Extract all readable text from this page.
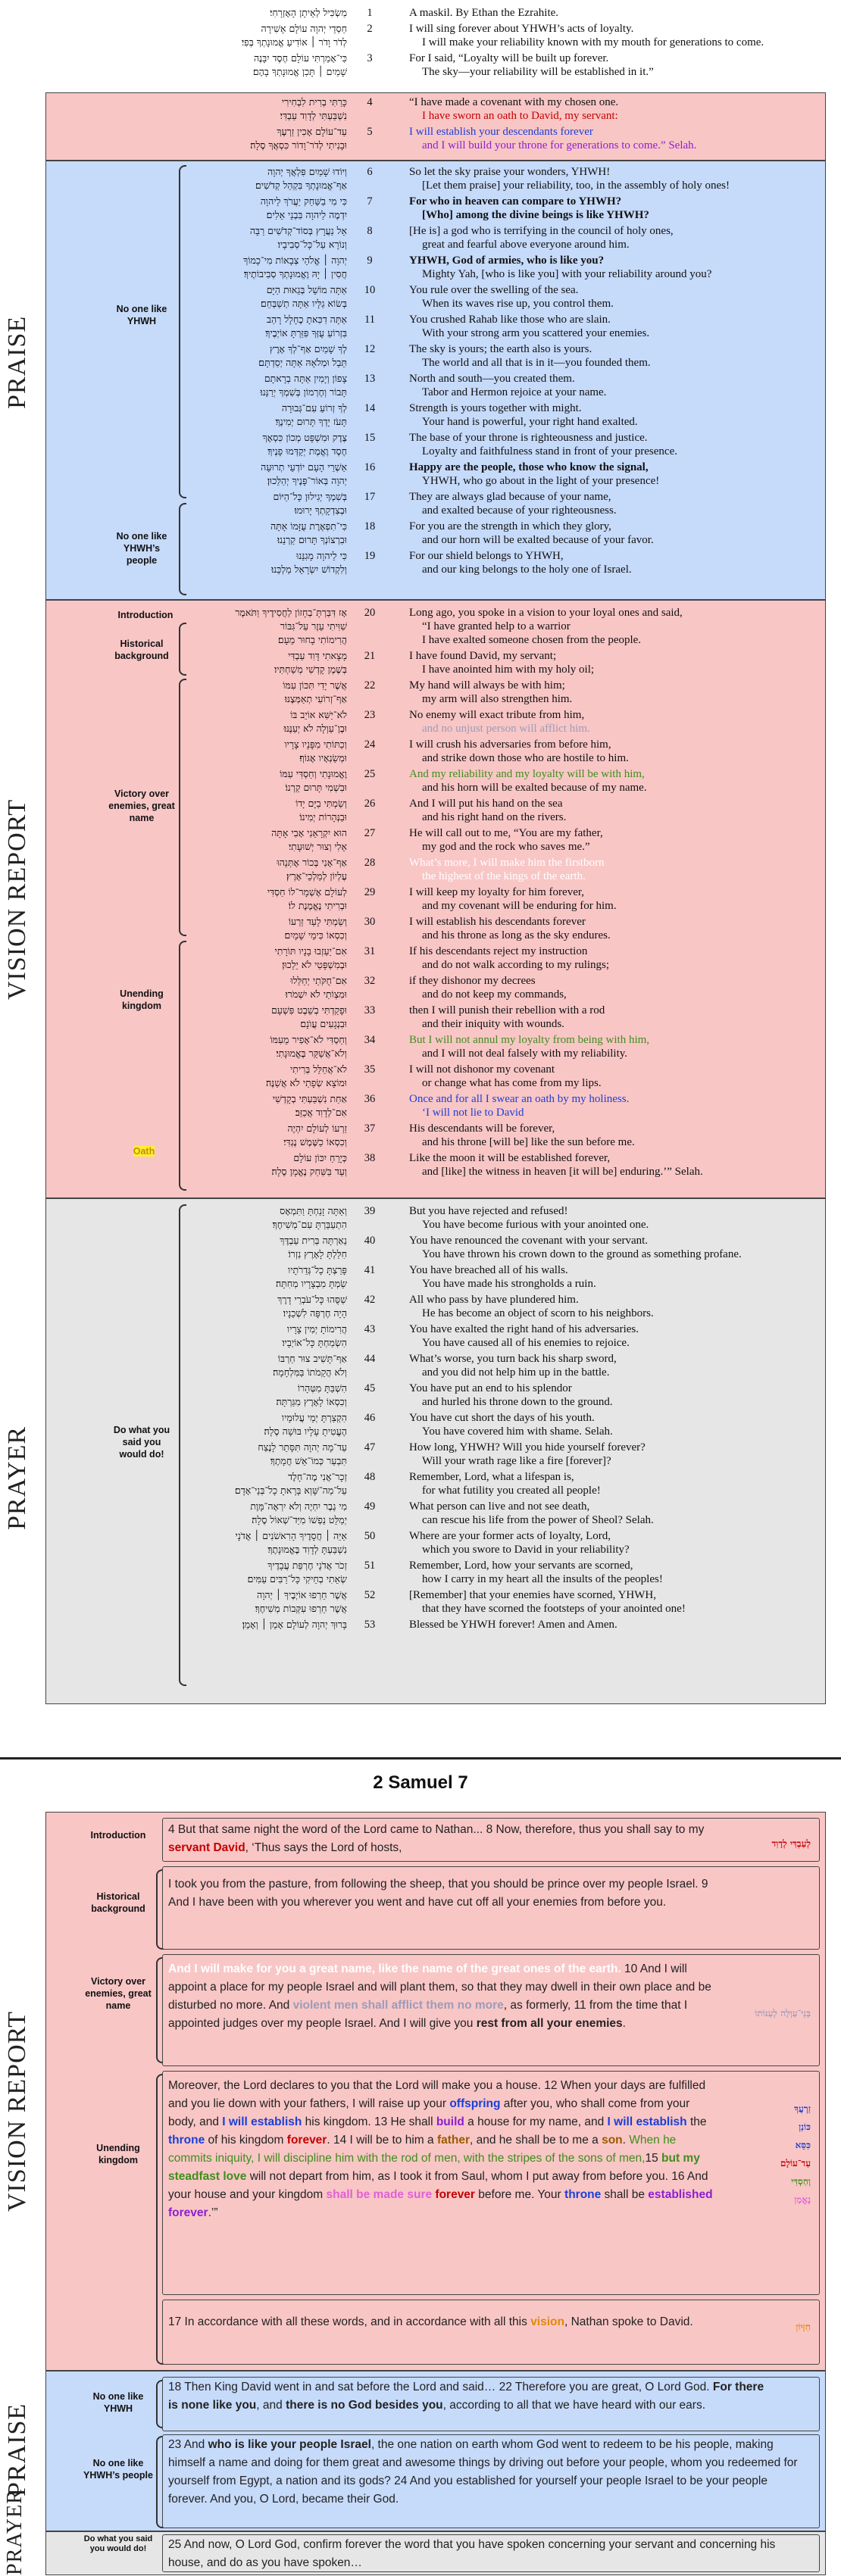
מַשְׂכִּיל לְאֵיתָן הָאֶזְרָחִי׃	1	A maskil. By Ethan the Ezrahite.
חַסְדֵי יְהוָה עוֹלָם אָשִׁירָה	2	I will sing forever about YHWH’s acts of loyalty.
לְדֹר וָדֹר ׀ אוֹדִיעַ אֱמוּנָתְךָ בְּפִי׃	I will make your reliability known with my mouth for generations to come.
כִּי־אָמַרְתִּי עוֹלָם חֶסֶד יִבָּנֶה	3	For I said, “Loyalty will be built up forever.
שָׁמַיִם ׀ תָּכִן אֱמוּנָתְךָ בָהֶם׃	The sky—your reliability will be established in it.”
כָּרַתִּי בְרִית לִבְחִירִי	4	“I have made a covenant with my chosen one.
נִשְׁבַּעְתִּי לְדָוִד עַבְדִּי׃	I have sworn an oath to David, my servant:
עַד־עוֹלָם אָכִין זַרְעֶךָ	5	I will establish your descendants forever
וּבָנִיתִי לְדֹר־וָדוֹר כִּסְאֲךָ סֶלָה׃	and I will build your throne for generations to come.” Selah.
PRAISE
No one like YHWH
No one like YHWH’s people
וְיוֹדוּ שָׁמַיִם פִּלְאֲךָ יְהוָה	6	So let the sky praise your wonders, YHWH!
אַף־אֱמוּנָתְךָ בִּקְהַל קְדֹשִׁים׃	[Let them praise] your reliability, too, in the assembly of holy ones!
כִּי מִי בַשַּׁחַק יַעֲרֹךְ לַיהוָה	7	For who in heaven can compare to YHWH?
יִדְמֶה לַיהוָה בִּבְנֵי אֵלִים׃	[Who] among the divine beings is like YHWH?
אֵל נַעֲרָץ בְּסוֹד־קְדֹשִׁים רַבָּה	8	[He is] a god who is terrifying in the council of holy ones,
וְנוֹרָא עַל־כָּל־סְבִיבָיו׃	great and fearful above everyone around him.
יְהוָה ׀ אֱלֹהֵי צְבָאוֹת מִי־כָמוֹךָ	9	YHWH, God of armies, who is like you?
חֲסִין ׀ יָהּ וֶאֱמוּנָתְךָ סְבִיבוֹתֶיךָ׃	Mighty Yah, [who is like you] with your reliability around you?
אַתָּה מוֹשֵׁל בְּגֵאוּת הַיָּם	10	You rule over the swelling of the sea.
בְּשׂוֹא גַלָּיו אַתָּה תְשַׁבְּחֵם׃	When its waves rise up, you control them.
אַתָּה דִכִּאתָ כֶחָלָל רָהַב	11	You crushed Rahab like those who are slain.
בִּזְרוֹעַ עֻזְּךָ פִּזַּרְתָּ אוֹיְבֶיךָ׃	With your strong arm you scattered your enemies.
לְךָ שָׁמַיִם אַף־לְךָ אָרֶץ	12	The sky is yours; the earth also is yours.
תֵּבֵל וּמְלֹאָהּ אַתָּה יְסַדְתָּם׃	The world and all that is in it—you founded them.
צָפוֹן וְיָמִין אַתָּה בְרָאתָם	13	North and south—you created them.
תָּבוֹר וְחֶרְמוֹן בְּשִׁמְךָ יְרַנֵּנוּ׃	Tabor and Hermon rejoice at your name.
לְךָ זְרוֹעַ עִם־גְּבוּרָה	14	Strength is yours together with might.
תָּעֹז יָדְךָ תָּרוּם יְמִינֶךָ׃	Your hand is powerful, your right hand exalted.
צֶדֶק וּמִשְׁפָּט מְכוֹן כִּסְאֶךָ	15	The base of your throne is righteousness and justice.
חֶסֶד וֶאֱמֶת יְקַדְּמוּ פָנֶיךָ׃	Loyalty and faithfulness stand in front of your presence.
אַשְׁרֵי הָעָם יוֹדְעֵי תְרוּעָה	16	Happy are the people, those who know the signal,
יְהוָה בְּאוֹר־פָּנֶיךָ יְהַלֵּכוּן׃	YHWH, who go about in the light of your presence!
בְּשִׁמְךָ יְגִילוּן כָּל־הַיּוֹם	17	They are always glad because of your name,
וּבְצִדְקָתְךָ יָרוּמוּ׃	and exalted because of your righteousness.
כִּי־תִפְאֶרֶת עֻזָּמוֹ אָתָּה	18	For you are the strength in which they glory,
וּבִרְצוֹנְךָ תָּרוּם קַרְנֵנוּ׃	and our horn will be exalted because of your favor.
כִּי לַיהוָה מָגִנֵּנוּ	19	For our shield belongs to YHWH,
וְלִקְדוֹשׁ יִשְׂרָאֵל מַלְכֵּנוּ׃	and our king belongs to the holy one of Israel.
VISION REPORT
Introduction
Historical background
Victory over enemies, great name
Unending kingdom
Oath
אָז דִּבַּרְתָּ־בְחָזוֹן לַחֲסִידֶיךָ וַתֹּאמֶר	20	Long ago, you spoke in a vision to your loyal ones and said,
שִׁוִּיתִי עֵזֶר עַל־גִּבּוֹר	“I have granted help to a warrior
הֲרִימוֹתִי בָחוּר מֵעָם׃	I have exalted someone chosen from the people.
מָצָאתִי דָּוִד עַבְדִּי	21	I have found David, my servant;
בְּשֶׁמֶן קָדְשִׁי מְשַׁחְתִּיו׃	I have anointed him with my holy oil;
אֲשֶׁר יָדִי תִּכּוֹן עִמּוֹ	22	My hand will always be with him;
אַף־זְרוֹעִי תְאַמְּצֶנּוּ׃	my arm will also strengthen him.
לֹא־יַשִּׁא אוֹיֵב בּוֹ	23	No enemy will exact tribute from him,
וּבֶן־עַוְלָה לֹא יְעַנֶּנּוּ׃	and no unjust person will afflict him.
וְכַתּוֹתִי מִפָּנָיו צָרָיו	24	I will crush his adversaries from before him,
וּמְשַׂנְאָיו אֶגּוֹף׃	and strike down those who are hostile to him.
וֶאֱמוּנָתִי וְחַסְדִּי עִמּוֹ	25	And my reliability and my loyalty will be with him,
וּבִשְׁמִי תָּרוּם קַרְנוֹ׃	and his horn will be exalted because of my name.
וְשַׂמְתִּי בַיָּם יָדוֹ	26	And I will put his hand on the sea
וּבַנְּהָרוֹת יְמִינוֹ׃	and his right hand on the rivers.
הוּא יִקְרָאֵנִי אָבִי אָתָּה	27	He will call out to me, “You are my father,
אֵלִי וְצוּר יְשׁוּעָתִי׃	my god and the rock who saves me.”
אַף־אָנִי בְּכוֹר אֶתְּנֵהוּ	28	What’s more, I will make him the firstborn
עֶלְיוֹן לְמַלְכֵי־אָרֶץ׃	the highest of the kings of the earth.
לְעוֹלָם אֶשְׁמָר־לוֹ חַסְדִּי	29	I will keep my loyalty for him forever,
וּבְרִיתִי נֶאֱמֶנֶת לוֹ׃	and my covenant will be enduring for him.
וְשַׂמְתִּי לָעַד זַרְעוֹ	30	I will establish his descendants forever
וְכִסְאוֹ כִּימֵי שָׁמָיִם׃	and his throne as long as the sky endures.
אִם־יַעַזְבוּ בָנָיו תּוֹרָתִי	31	If his descendants reject my instruction
וּבְמִשְׁפָּטַי לֹא יֵלֵכוּן׃	and do not walk according to my rulings;
אִם־חֻקֹּתַי יְחַלֵּלוּ	32	if they dishonor my decrees
וּמִצְוֹתַי לֹא יִשְׁמֹרוּ׃	and do not keep my commands,
וּפָקַדְתִּי בְשֵׁבֶט פִּשְׁעָם	33	then I will punish their rebellion with a rod
וּבִנְגָעִים עֲוֺנָם׃	and their iniquity with wounds.
וְחַסְדִּי לֹא־אָפִיר מֵעִמּוֹ	34	But I will not annul my loyalty from being with him,
וְלֹא־אֲשַׁקֵּר בֶּאֱמוּנָתִי׃	and I will not deal falsely with my reliability.
לֹא־אֲחַלֵּל בְּרִיתִי	35	I will not dishonor my covenant
וּמוֹצָא שְׂפָתַי לֹא אֲשַׁנֶּה׃	or change what has come from my lips.
אַחַת נִשְׁבַּעְתִּי בְקָדְשִׁי	36	Once and for all I swear an oath by my holiness.
אִם־לְדָוִד אֲכַזֵּב׃	‘I will not lie to David
זַרְעוֹ לְעוֹלָם יִהְיֶה	37	His descendants will be forever,
וְכִסְאוֹ כַשֶּׁמֶשׁ נֶגְדִּי׃	and his throne [will be] like the sun before me.
כְּיָרֵחַ יִכּוֹן עוֹלָם	38	Like the moon it will be established forever,
וְעֵד בַּשַּׁחַק נֶאֱמָן סֶלָה׃	and [like] the witness in heaven [it will be] enduring.’” Selah.
PRAYER	Do what you said you would do!
וְאַתָּה זָנַחְתָּ וַתִּמְאָס	39	But you have rejected and refused!
הִתְעַבַּרְתָּ עִם־מְשִׁיחֶךָ׃	You have become furious with your anointed one.
נֵאַרְתָּה בְּרִית עַבְדֶּךָ	40	You have renounced the covenant with your servant.
חִלַּלְתָּ לָאָרֶץ נִזְרוֹ׃	You have thrown his crown down to the ground as something profane.
פָּרַצְתָּ כָל־גְּדֵרֹתָיו	41	You have breached all of his walls.
שַׂמְתָּ מִבְצָרָיו מְחִתָּה׃	You have made his strongholds a ruin.
שַׁסֻּהוּ כָּל־עֹבְרֵי דָרֶךְ	42	All who pass by have plundered him.
הָיָה חֶרְפָּה לִשְׁכֵנָיו׃	He has become an object of scorn to his neighbors.
הֲרִימוֹתָ יְמִין צָרָיו	43	You have exalted the right hand of his adversaries.
הִשְׂמַחְתָּ כָּל־אוֹיְבָיו׃	You have caused all of his enemies to rejoice.
אַף־תָּשִׁיב צוּר חַרְבּוֹ	44	What’s worse, you turn back his sharp sword,
וְלֹא הֲקֵמֹתוֹ בַּמִּלְחָמָה׃	and you did not help him up in the battle.
הִשְׁבַּתָּ מִטְּהָרוֹ	45	You have put an end to his splendor
וְכִסְאוֹ לָאָרֶץ מִגַּרְתָּה׃	and hurled his throne down to the ground.
הִקְצַרְתָּ יְמֵי עֲלוּמָיו	46	You have cut short the days of his youth.
הֶעֱטִיתָ עָלָיו בּוּשָׁה סֶלָה׃	You have covered him with shame. Selah.
עַד־מָה יְהוָה תִּסָּתֵר לָנֶצַח	47	How long, YHWH? Will you hide yourself forever?
תִּבְעַר כְּמוֹ־אֵשׁ חֲמָתֶךָ׃	Will your wrath rage like a fire [forever]?
זְכָר־אֲנִי מֶה־חָלֶד	48	Remember, Lord, what a lifespan is,
עַל־מַה־שָּׁוְא בָּרָאתָ כָל־בְּנֵי־אָדָם׃	for what futility you created all people!
מִי גֶבֶר יִחְיֶה וְלֹא יִרְאֶה־מָּוֶת	49	What person can live and not see death,
יְמַלֵּט נַפְשׁוֹ מִיַּד־שְׁאוֹל סֶלָה׃	can rescue his life from the power of Sheol? Selah.
אַיֵּה ׀ חֲסָדֶיךָ הָרִאשֹׁנִים ׀ אֲדֹנָי	50	Where are your former acts of loyalty, Lord,
נִשְׁבַּעְתָּ לְדָוִד בֶּאֱמוּנָתֶךָ׃	which you swore to David in your reliability?
זְכֹר אֲדֹנָי חֶרְפַּת עֲבָדֶיךָ	51	Remember, Lord, how your servants are scorned,
שְׂאֵתִי בְחֵיקִי כָּל־רַבִּים עַמִּים׃	how I carry in my heart all the insults of the peoples!
אֲשֶׁר חֵרְפוּ אוֹיְבֶיךָ ׀ יְהוָה	52	[Remember] that your enemies have scorned, YHWH,
אֲשֶׁר חֵרְפוּ עִקְּבוֹת מְשִׁיחֶךָ׃	that they have scorned the footsteps of your anointed one!
בָּרוּךְ יְהוָה לְעוֹלָם אָמֵן ׀ וְאָמֵן׃	53	Blessed be YHWH forever! Amen and Amen.
2 Samuel 7
VISION REPORT
Introduction	4 But that same night the word of the Lord came to Nathan... 8 Now, therefore, thus you shall say to my servant David, ‘Thus says the Lord of hosts,	לְעַבְדִּי לְדָוִד
Historical background
I took you from the pasture, from following the sheep, that you should be prince over my people Israel. 9 And I have been with you wherever you went and have cut off all your enemies from before you.
Victory over enemies, great name
And I will make for you a great name, like the name of the great ones of the earth. 10 And I will appoint a place for my people Israel and will plant them, so that they may dwell in their own place and be disturbed no more. And violent men shall afflict them no more, as formerly, 11 from the time that I appointed judges over my people Israel. And I will give you rest from all your enemies.
בְּנֵי־עַוְלָה לְעַנּוֹתוֹ
Unending kingdom
Moreover, the Lord declares to you that the Lord will make you a house. 12 When your days are fulfilled and you lie down with your fathers, I will raise up your offspring after you, who shall come from your body, and I will establish his kingdom. 13 He shall build a house for my name, and I will establish the throne of his kingdom forever. 14 I will be to him a father, and he shall be to me a son. When he commits iniquity, I will discipline him with the rod of men, with the stripes of the sons of men,15 but my steadfast love will not depart from him, as I took it from Saul, whom I put away from before you. 16 And your house and your kingdom shall be made sure forever before me. Your throne shall be established forever.’”
זַרְעֲךָ
כּוֹנַן
כִּסֵּא
עַד־עוֹלָם
וְחַסְדִּי
נֶאֱמָן
17 In accordance with all these words, and in accordance with all this vision, Nathan spoke to David.	חִזָּיוֹן
PRAISE
No one like YHWH
18 Then King David went in and sat before the Lord and said… 22 Therefore you are great, O Lord God. For there is none like you, and there is no God besides you, according to all that we have heard with our ears.
No one like YHWH’s people
23 And who is like your people Israel, the one nation on earth whom God went to redeem to be his people, making himself a name and doing for them great and awesome things by driving out before your people, whom you redeemed for yourself from Egypt, a nation and its gods? 24 And you established for yourself your people Israel to be your people forever. And you, O Lord, became their God.
PRAYER	Do what you said you would do!	25 And now, O Lord God, confirm forever the word that you have spoken concerning your servant and concerning his house, and do as you have spoken…
